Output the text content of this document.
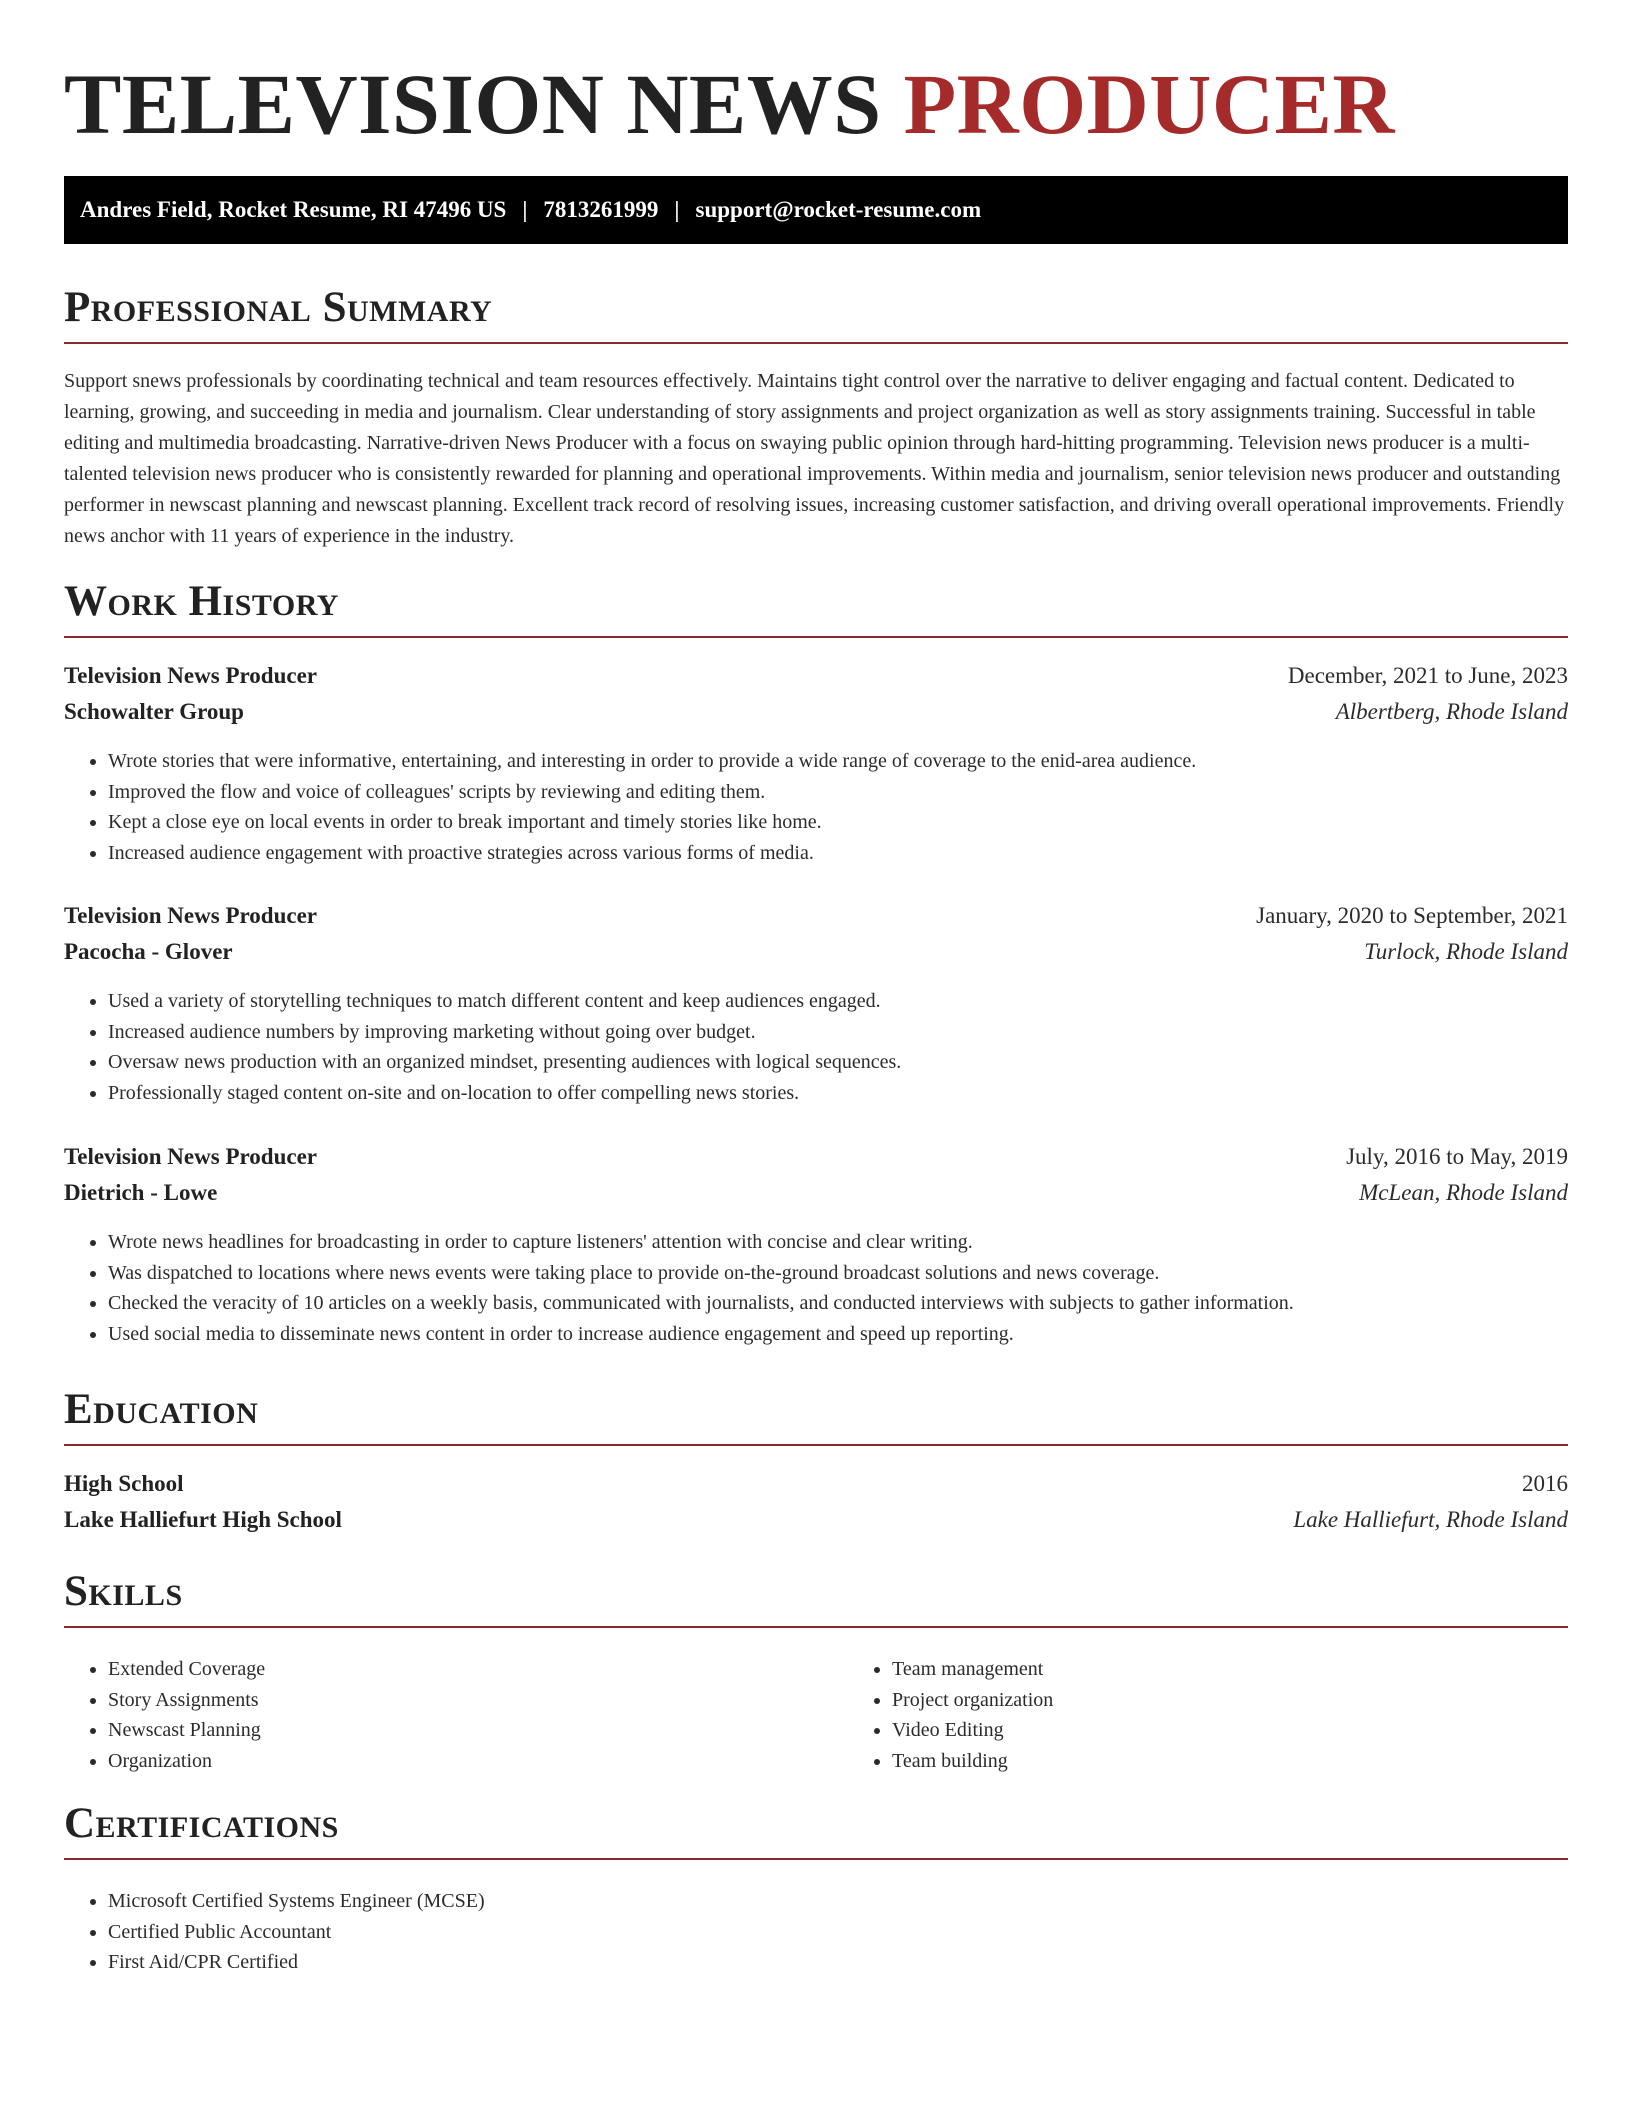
TELEVISION NEWS PRODUCER
Andres Field, Rocket Resume, RI 47496 US | 7813261999 | support@rocket-resume.com
Professional Summary

Support snews professionals by coordinating technical and team resources effectively. Maintains tight control over the narrative to deliver engaging and factual content. Dedicated to learning, growing, and succeeding in media and journalism. Clear understanding of story assignments and project organization as well as story assignments training. Successful in table editing and multimedia broadcasting. Narrative-driven News Producer with a focus on swaying public opinion through hard-hitting programming. Television news producer is a multi-talented television news producer who is consistently rewarded for planning and operational improvements. Within media and journalism, senior television news producer and outstanding performer in newscast planning and newscast planning. Excellent track record of resolving issues, increasing customer satisfaction, and driving overall operational improvements. Friendly news anchor with 11 years of experience in the industry.

Work History
Television News Producer	December, 2021 to June, 2023
Schowalter Group	Albertberg, Rhode Island
• Wrote stories that were informative, entertaining, and interesting in order to provide a wide range of coverage to the enid-area audience.
• Improved the flow and voice of colleagues' scripts by reviewing and editing them.
• Kept a close eye on local events in order to break important and timely stories like home.
• Increased audience engagement with proactive strategies across various forms of media.
Television News Producer	January, 2020 to September, 2021
Pacocha - Glover	Turlock, Rhode Island
• Used a variety of storytelling techniques to match different content and keep audiences engaged.
• Increased audience numbers by improving marketing without going over budget.
• Oversaw news production with an organized mindset, presenting audiences with logical sequences.
• Professionally staged content on-site and on-location to offer compelling news stories.
Television News Producer	July, 2016 to May, 2019
Dietrich - Lowe	McLean, Rhode Island
• Wrote news headlines for broadcasting in order to capture listeners' attention with concise and clear writing.
• Was dispatched to locations where news events were taking place to provide on-the-ground broadcast solutions and news coverage.
• Checked the veracity of 10 articles on a weekly basis, communicated with journalists, and conducted interviews with subjects to gather information.
• Used social media to disseminate news content in order to increase audience engagement and speed up reporting.
Education
High School	2016
Lake Halliefurt High School	Lake Halliefurt, Rhode Island
Skills
• Extended Coverage
• Story Assignments
• Newscast Planning
• Organization
• Team management
• Project organization
• Video Editing
• Team building
Certifications
• Microsoft Certified Systems Engineer (MCSE)
• Certified Public Accountant
• First Aid/CPR Certified
